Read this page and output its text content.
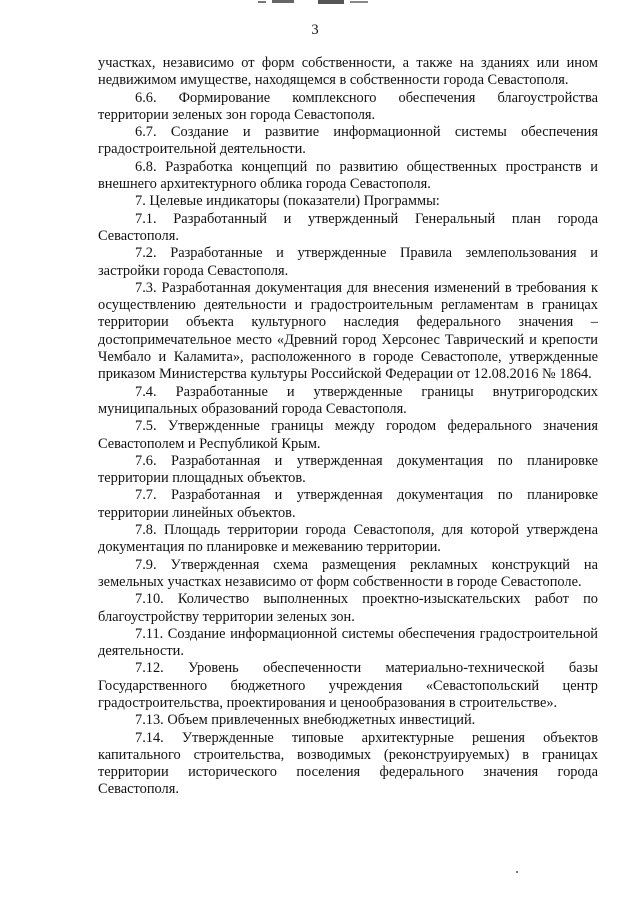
3

участках, независимо от форм собственности, а также на зданиях или ином недвижимом имуществе, находящемся в собственности города Севастополя.

6.6. Формирование комплексного обеспечения благоустройства территории зеленых зон города Севастополя.

6.7. Создание и развитие информационной системы обеспечения градостроительной деятельности.

6.8. Разработка концепций по развитию общественных пространств и внешнего архитектурного облика города Севастополя.

7. Целевые индикаторы (показатели) Программы:

7.1. Разработанный и утвержденный Генеральный план города Севастополя.

7.2. Разработанные и утвержденные Правила землепользования и застройки города Севастополя.

7.3. Разработанная документация для внесения изменений в требования к осуществлению деятельности и градостроительным регламентам в границах территории объекта культурного наследия федерального значения – достопримечательное место «Древний город Херсонес Таврический и крепости Чембало и Каламита», расположенного в городе Севастополе, утвержденные приказом Министерства культуры Российской Федерации от 12.08.2016 № 1864.

7.4. Разработанные и утвержденные границы внутригородских муниципальных образований города Севастополя.

7.5. Утвержденные границы между городом федерального значения Севастополем и Республикой Крым.

7.6. Разработанная и утвержденная документация по планировке территории площадных объектов.

7.7. Разработанная и утвержденная документация по планировке территории линейных объектов.

7.8. Площадь территории города Севастополя, для которой утверждена документация по планировке и межеванию территории.

7.9. Утвержденная схема размещения рекламных конструкций на земельных участках независимо от форм собственности в городе Севастополе.

7.10. Количество выполненных проектно-изыскательских работ по благоустройству территории зеленых зон.

7.11. Создание информационной системы обеспечения градостроительной деятельности.

7.12. Уровень обеспеченности материально-технической базы Государственного бюджетного учреждения «Севастопольский центр градостроительства, проектирования и ценообразования в строительстве».

7.13. Объем привлеченных внебюджетных инвестиций.

7.14. Утвержденные типовые архитектурные решения объектов капитального строительства, возводимых (реконструируемых) в границах территории исторического поселения федерального значения города Севастополя.
